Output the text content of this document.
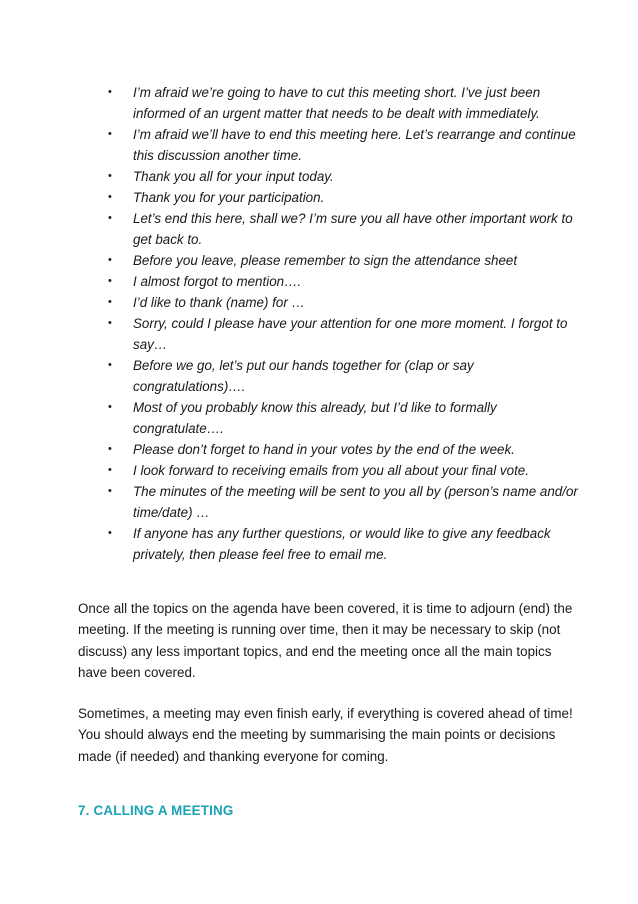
• I’m afraid we’re going to have to cut this meeting short. I’ve just been informed of an urgent matter that needs to be dealt with immediately.
• I’m afraid we’ll have to end this meeting here. Let’s rearrange and continue this discussion another time.
• Thank you all for your input today.
• Thank you for your participation.
• Let’s end this here, shall we? I’m sure you all have other important work to get back to.
• Before you leave, please remember to sign the attendance sheet
• I almost forgot to mention….
• I’d like to thank (name) for …
• Sorry, could I please have your attention for one more moment. I forgot to say…
• Before we go, let’s put our hands together for (clap or say congratulations)….
• Most of you probably know this already, but I’d like to formally congratulate….
• Please don’t forget to hand in your votes by the end of the week.
• I look forward to receiving emails from you all about your final vote.
• The minutes of the meeting will be sent to you all by (person’s name and/or time/date) …
• If anyone has any further questions, or would like to give any feedback privately, then please feel free to email me.

Once all the topics on the agenda have been covered, it is time to adjourn (end) the meeting. If the meeting is running over time, then it may be necessary to skip (not discuss) any less important topics, and end the meeting once all the main topics have been covered.

Sometimes, a meeting may even finish early, if everything is covered ahead of time! You should always end the meeting by summarising the main points or decisions made (if needed) and thanking everyone for coming.

7. CALLING A MEETING
